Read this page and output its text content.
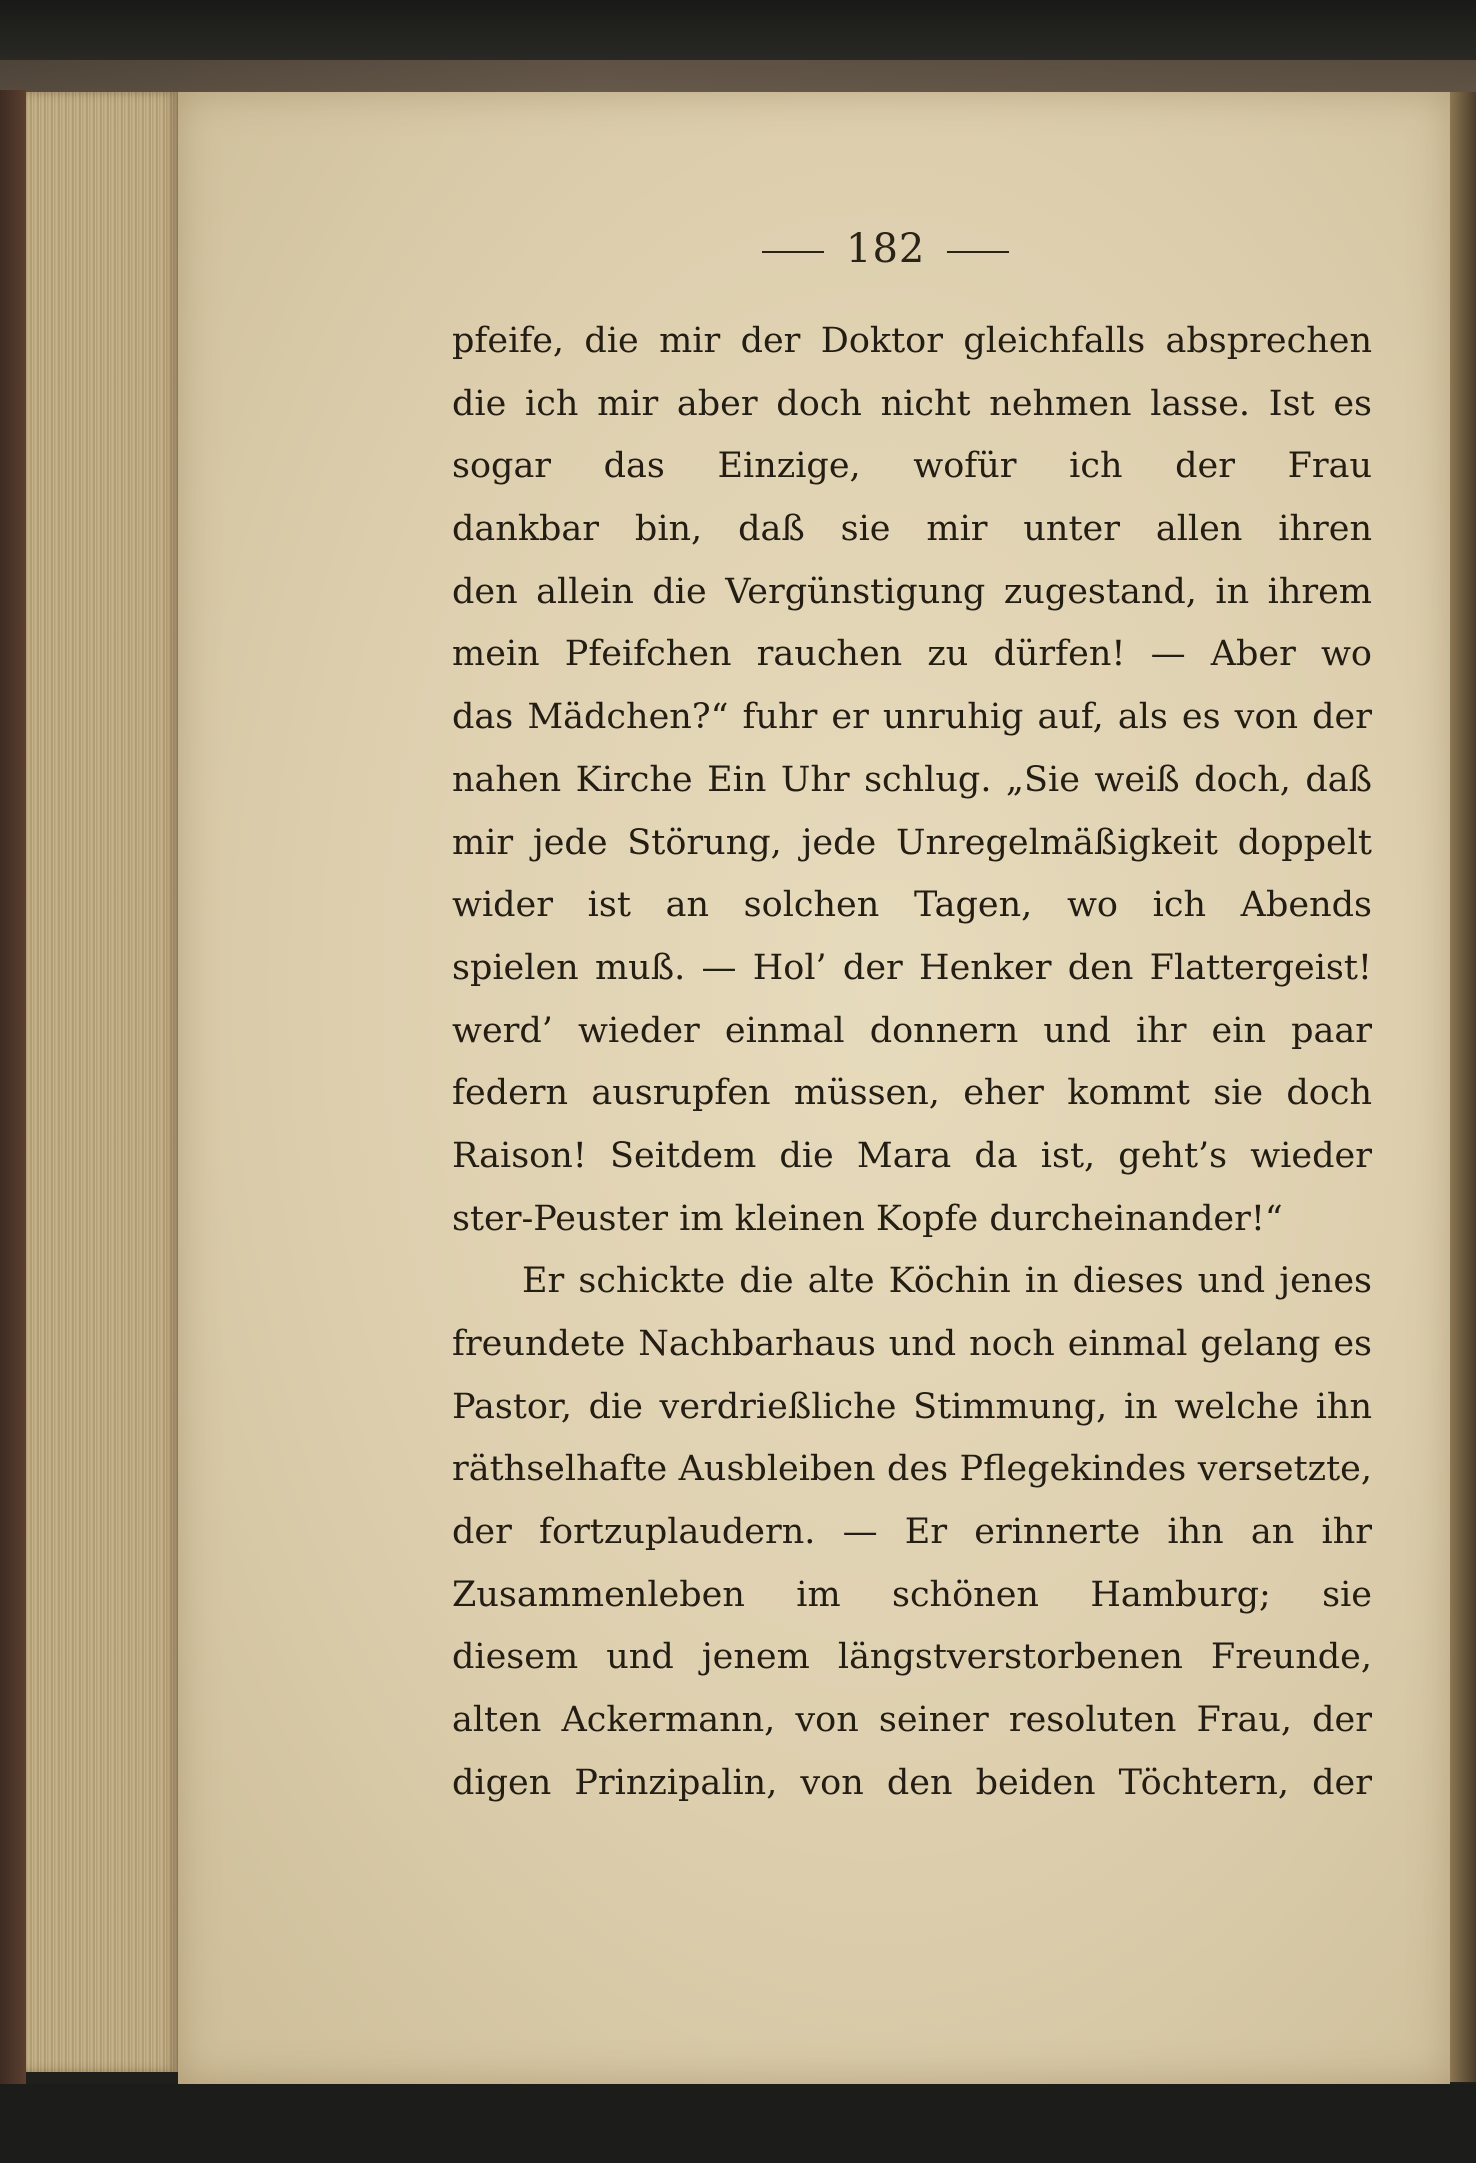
182
pfeife, die mir der Doktor gleichfalls absprechen
die ich mir aber doch nicht nehmen lasse. Ist es
sogar das Einzige, wofür ich der Frau
dankbar bin, daß sie mir unter allen ihren
den allein die Vergünstigung zugestand, in ihrem
mein Pfeifchen rauchen zu dürfen! — Aber wo
das Mädchen?“ fuhr er unruhig auf, als es von der
nahen Kirche Ein Uhr schlug. „Sie weiß doch, daß
mir jede Störung, jede Unregelmäßigkeit doppelt
wider ist an solchen Tagen, wo ich Abends
spielen muß. — Hol’ der Henker den Flattergeist!
werd’ wieder einmal donnern und ihr ein paar
federn ausrupfen müssen, eher kommt sie doch
Raison! Seitdem die Mara da ist, geht’s wieder
ster-Peuster im kleinen Kopfe durcheinander!“
Er schickte die alte Köchin in dieses und jenes
freundete Nachbarhaus und noch einmal gelang es
Pastor, die verdrießliche Stimmung, in welche ihn
räthselhafte Ausbleiben des Pflegekindes versetzte,
der fortzuplaudern. — Er erinnerte ihn an ihr
Zusammenleben im schönen Hamburg; sie
diesem und jenem längstverstorbenen Freunde,
alten Ackermann, von seiner resoluten Frau, der
digen Prinzipalin, von den beiden Töchtern, der
